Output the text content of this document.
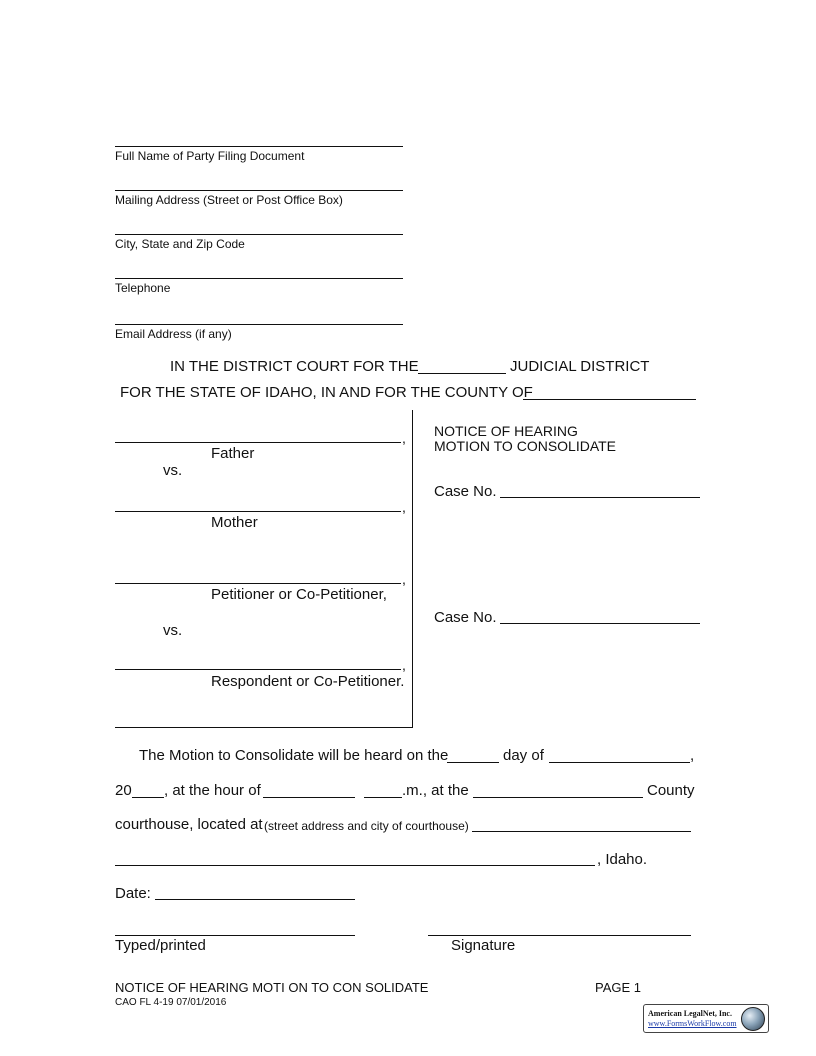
Full Name of Party Filing Document
Mailing Address (Street or Post Office Box)
City, State and Zip Code
Telephone
Email Address (if any)
IN THE DISTRICT COURT FOR THE	JUDICIAL DISTRICT
FOR THE STATE OF IDAHO, IN AND FOR THE COUNTY OF
,
Father
vs.
,
Mother
,
Petitioner or Co-Petitioner,
vs.
,
Respondent or Co-Petitioner.
NOTICE OF HEARING
MOTION TO CONSOLIDATE
Case No.
Case No.
The Motion to Consolidate will be heard on the	day of	,
20 , at the hour of	.m., at the	County
courthouse, located at (street address and city of courthouse)
, Idaho.
Date:
Typed/printed	Signature
NOTICE OF HEARING MOTI ON TO CON SOLIDATE	PAGE 1
CAO FL 4-19 07/01/2016
American LegalNet, Inc.
www.FormsWorkFlow.com
